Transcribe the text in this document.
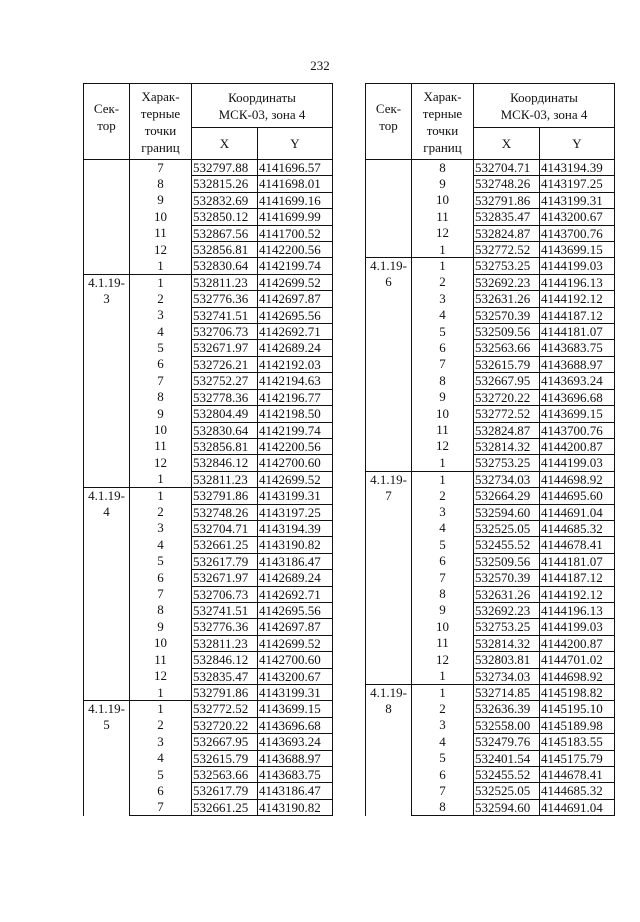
232
Сек-
тор	Харак-
терные
точки
границ	Координаты
МСК-03, зона 4	
		X	Y
	7	532797.88	4141696.57
	8	532815.26	4141698.01
	9	532832.69	4141699.16
	10	532850.12	4141699.99
	11	532867.56	4141700.52
	12	532856.81	4142200.56
	1	532830.64	4142199.74
4.1.19-
3	1	532811.23	4142699.52
	2	532776.36	4142697.87
	3	532741.51	4142695.56
	4	532706.73	4142692.71
	5	532671.97	4142689.24
	6	532726.21	4142192.03
	7	532752.27	4142194.63
	8	532778.36	4142196.77
	9	532804.49	4142198.50
	10	532830.64	4142199.74
	11	532856.81	4142200.56
	12	532846.12	4142700.60
	1	532811.23	4142699.52
4.1.19-
4	1	532791.86	4143199.31
	2	532748.26	4143197.25
	3	532704.71	4143194.39
	4	532661.25	4143190.82
	5	532617.79	4143186.47
	6	532671.97	4142689.24
	7	532706.73	4142692.71
	8	532741.51	4142695.56
	9	532776.36	4142697.87
	10	532811.23	4142699.52
	11	532846.12	4142700.60
	12	532835.47	4143200.67
	1	532791.86	4143199.31
4.1.19-
5	1	532772.52	4143699.15
	2	532720.22	4143696.68
	3	532667.95	4143693.24
	4	532615.79	4143688.97
	5	532563.66	4143683.75
	6	532617.79	4143186.47
	7	532661.25	4143190.82
Сек-
тор	Харак-
терные
точки
границ	Координаты
МСК-03, зона 4	
		X	Y
	8	532704.71	4143194.39
	9	532748.26	4143197.25
	10	532791.86	4143199.31
	11	532835.47	4143200.67
	12	532824.87	4143700.76
	1	532772.52	4143699.15
4.1.19-
6	1	532753.25	4144199.03
	2	532692.23	4144196.13
	3	532631.26	4144192.12
	4	532570.39	4144187.12
	5	532509.56	4144181.07
	6	532563.66	4143683.75
	7	532615.79	4143688.97
	8	532667.95	4143693.24
	9	532720.22	4143696.68
	10	532772.52	4143699.15
	11	532824.87	4143700.76
	12	532814.32	4144200.87
	1	532753.25	4144199.03
4.1.19-
7	1	532734.03	4144698.92
	2	532664.29	4144695.60
	3	532594.60	4144691.04
	4	532525.05	4144685.32
	5	532455.52	4144678.41
	6	532509.56	4144181.07
	7	532570.39	4144187.12
	8	532631.26	4144192.12
	9	532692.23	4144196.13
	10	532753.25	4144199.03
	11	532814.32	4144200.87
	12	532803.81	4144701.02
	1	532734.03	4144698.92
4.1.19-
8	1	532714.85	4145198.82
	2	532636.39	4145195.10
	3	532558.00	4145189.98
	4	532479.76	4145183.55
	5	532401.54	4145175.79
	6	532455.52	4144678.41
	7	532525.05	4144685.32
	8	532594.60	4144691.04
